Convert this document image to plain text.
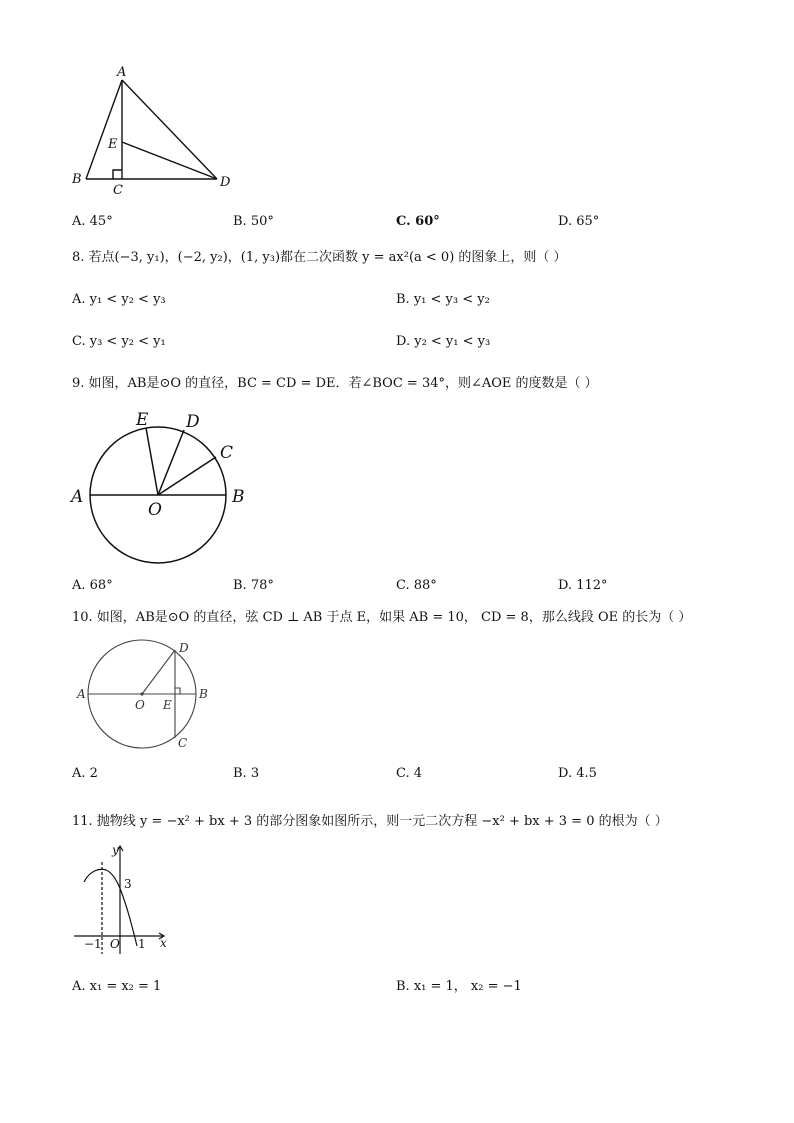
A
B
C
D
E
A. 45°	B. 50°	C. 60°	D. 65°
8. 若点(−3, y₁)，(−2, y₂)，(1, y₃)都在二次函数 y = ax²(a < 0) 的图象上，则（ ）
A. y₁ < y₂ < y₃	B. y₁ < y₃ < y₂
C. y₃ < y₂ < y₁	D. y₂ < y₁ < y₃
9. 如图，AB是⊙O 的直径，BC = CD = DE．若∠BOC = 34°，则∠AOE 的度数是（ ）
A	B
C
D
E
O
A. 68°	B. 78°	C. 88°	D. 112°
10. 如图，AB是⊙O 的直径，弦 CD ⊥ AB 于点 E，如果 AB = 10， CD = 8，那么线段 OE 的长为（ ）
A	B
C
D
E
O
A. 2	B. 3	C. 4	D. 4.5
11. 抛物线 y = −x² + bx + 3 的部分图象如图所示，则一元二次方程 −x² + bx + 3 = 0 的根为（ ）
y
x
O
3
−1	1
A. x₁ = x₂ = 1	B. x₁ = 1， x₂ = −1
